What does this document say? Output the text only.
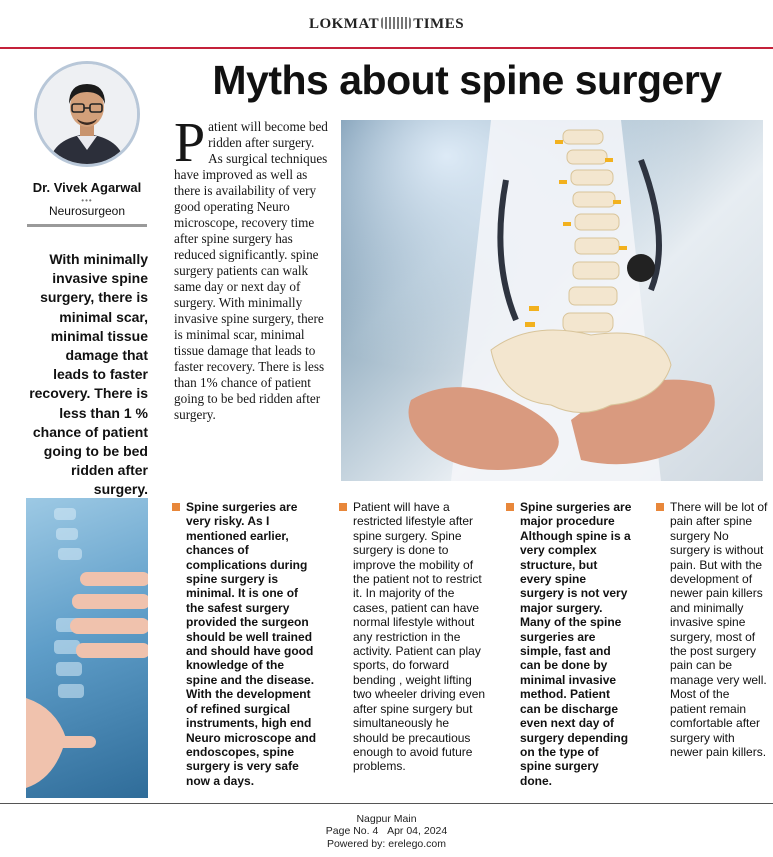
LOKMAT TIMES
Dr. Vivek Agarwal
•••
Neurosurgeon
With minimally invasive spine surgery, there is minimal scar, minimal tissue damage that leads to faster recovery. There is less than 1 % chance of patient going to be bed ridden after surgery.
Myths about spine surgery
Patient will become bed ridden after surgery. As surgical techniques have improved as well as there is availability of very good operating Neuro microscope, recovery time after spine surgery has reduced significantly. spine surgery patients can walk same day or next day of surgery. With minimally invasive spine surgery, there is minimal scar, minimal tissue damage that leads to faster recovery. There is less than 1% chance of patient going to be bed ridden after surgery.
Spine surgeries are very risky. As I mentioned earlier, chances of complications during spine surgery is minimal. It is one of the safest surgery provided the surgeon should be well trained and should have good knowledge of the spine and the disease. With the development of refined surgical instruments, high end Neuro microscope and endoscopes, spine surgery is very safe now a days.
Patient will have a restricted lifestyle after spine surgery. Spine surgery is done to improve the mobility of the patient not to restrict it. In majority of the cases, patient can have normal lifestyle without any restriction in the activity. Patient can play sports, do forward bending , weight lifting two wheeler driving even after spine surgery but simultaneously he should be precautious enough to avoid future problems.
Spine surgeries are major procedure Although spine is a very complex structure, but every spine surgery is not very major surgery. Many of the spine surgeries are simple, fast and can be done by minimal invasive method. Patient can be discharge even next day of surgery depending on the type of spine surgery done.
There will be lot of pain after spine surgery No surgery is without pain. But with the development of newer pain killers and minimally invasive spine surgery, most of the post surgery pain can be manage very well. Most of the patient remain comfortable after surgery with newer pain killers.
Nagpur Main
Page No. 4 Apr 04, 2024
Powered by: erelego.com
